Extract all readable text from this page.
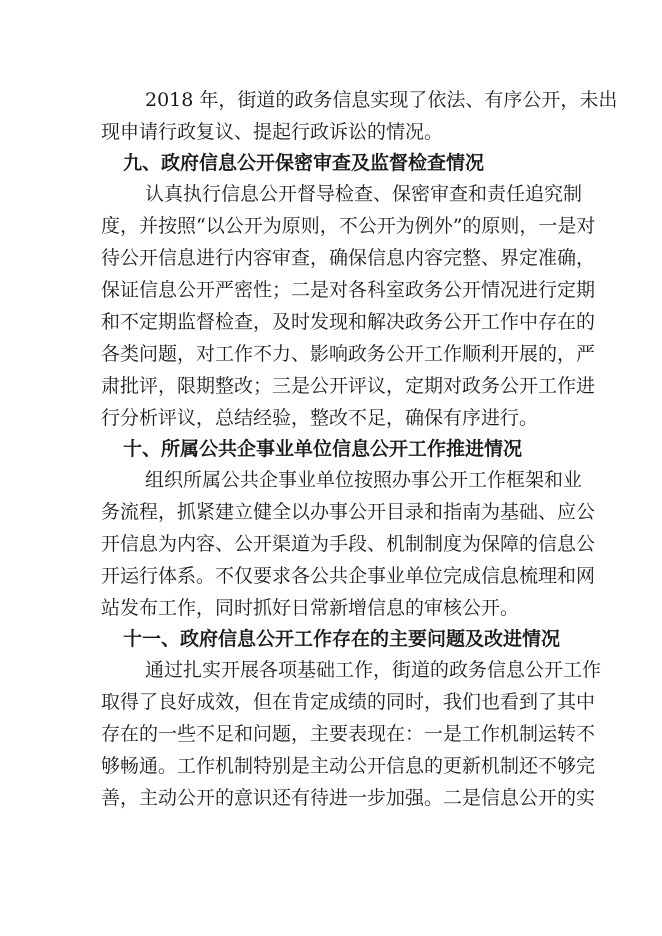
2018 年，街道的政务信息实现了依法、有序公开，未出
现申请行政复议、提起行政诉讼的情况。
九、政府信息公开保密审查及监督检查情况
认真执行信息公开督导检查、保密审查和责任追究制
度，并按照“以公开为原则，不公开为例外”的原则，一是对
待公开信息进行内容审查，确保信息内容完整、界定准确，
保证信息公开严密性；二是对各科室政务公开情况进行定期
和不定期监督检查，及时发现和解决政务公开工作中存在的
各类问题，对工作不力、影响政务公开工作顺利开展的，严
肃批评，限期整改；三是公开评议，定期对政务公开工作进
行分析评议，总结经验，整改不足，确保有序进行。
十、所属公共企事业单位信息公开工作推进情况
组织所属公共企事业单位按照办事公开工作框架和业
务流程，抓紧建立健全以办事公开目录和指南为基础、应公
开信息为内容、公开渠道为手段、机制制度为保障的信息公
开运行体系。不仅要求各公共企事业单位完成信息梳理和网
站发布工作，同时抓好日常新增信息的审核公开。
十一、政府信息公开工作存在的主要问题及改进情况
通过扎实开展各项基础工作，街道的政务信息公开工作
取得了良好成效，但在肯定成绩的同时，我们也看到了其中
存在的一些不足和问题，主要表现在：一是工作机制运转不
够畅通。工作机制特别是主动公开信息的更新机制还不够完
善，主动公开的意识还有待进一步加强。二是信息公开的实
